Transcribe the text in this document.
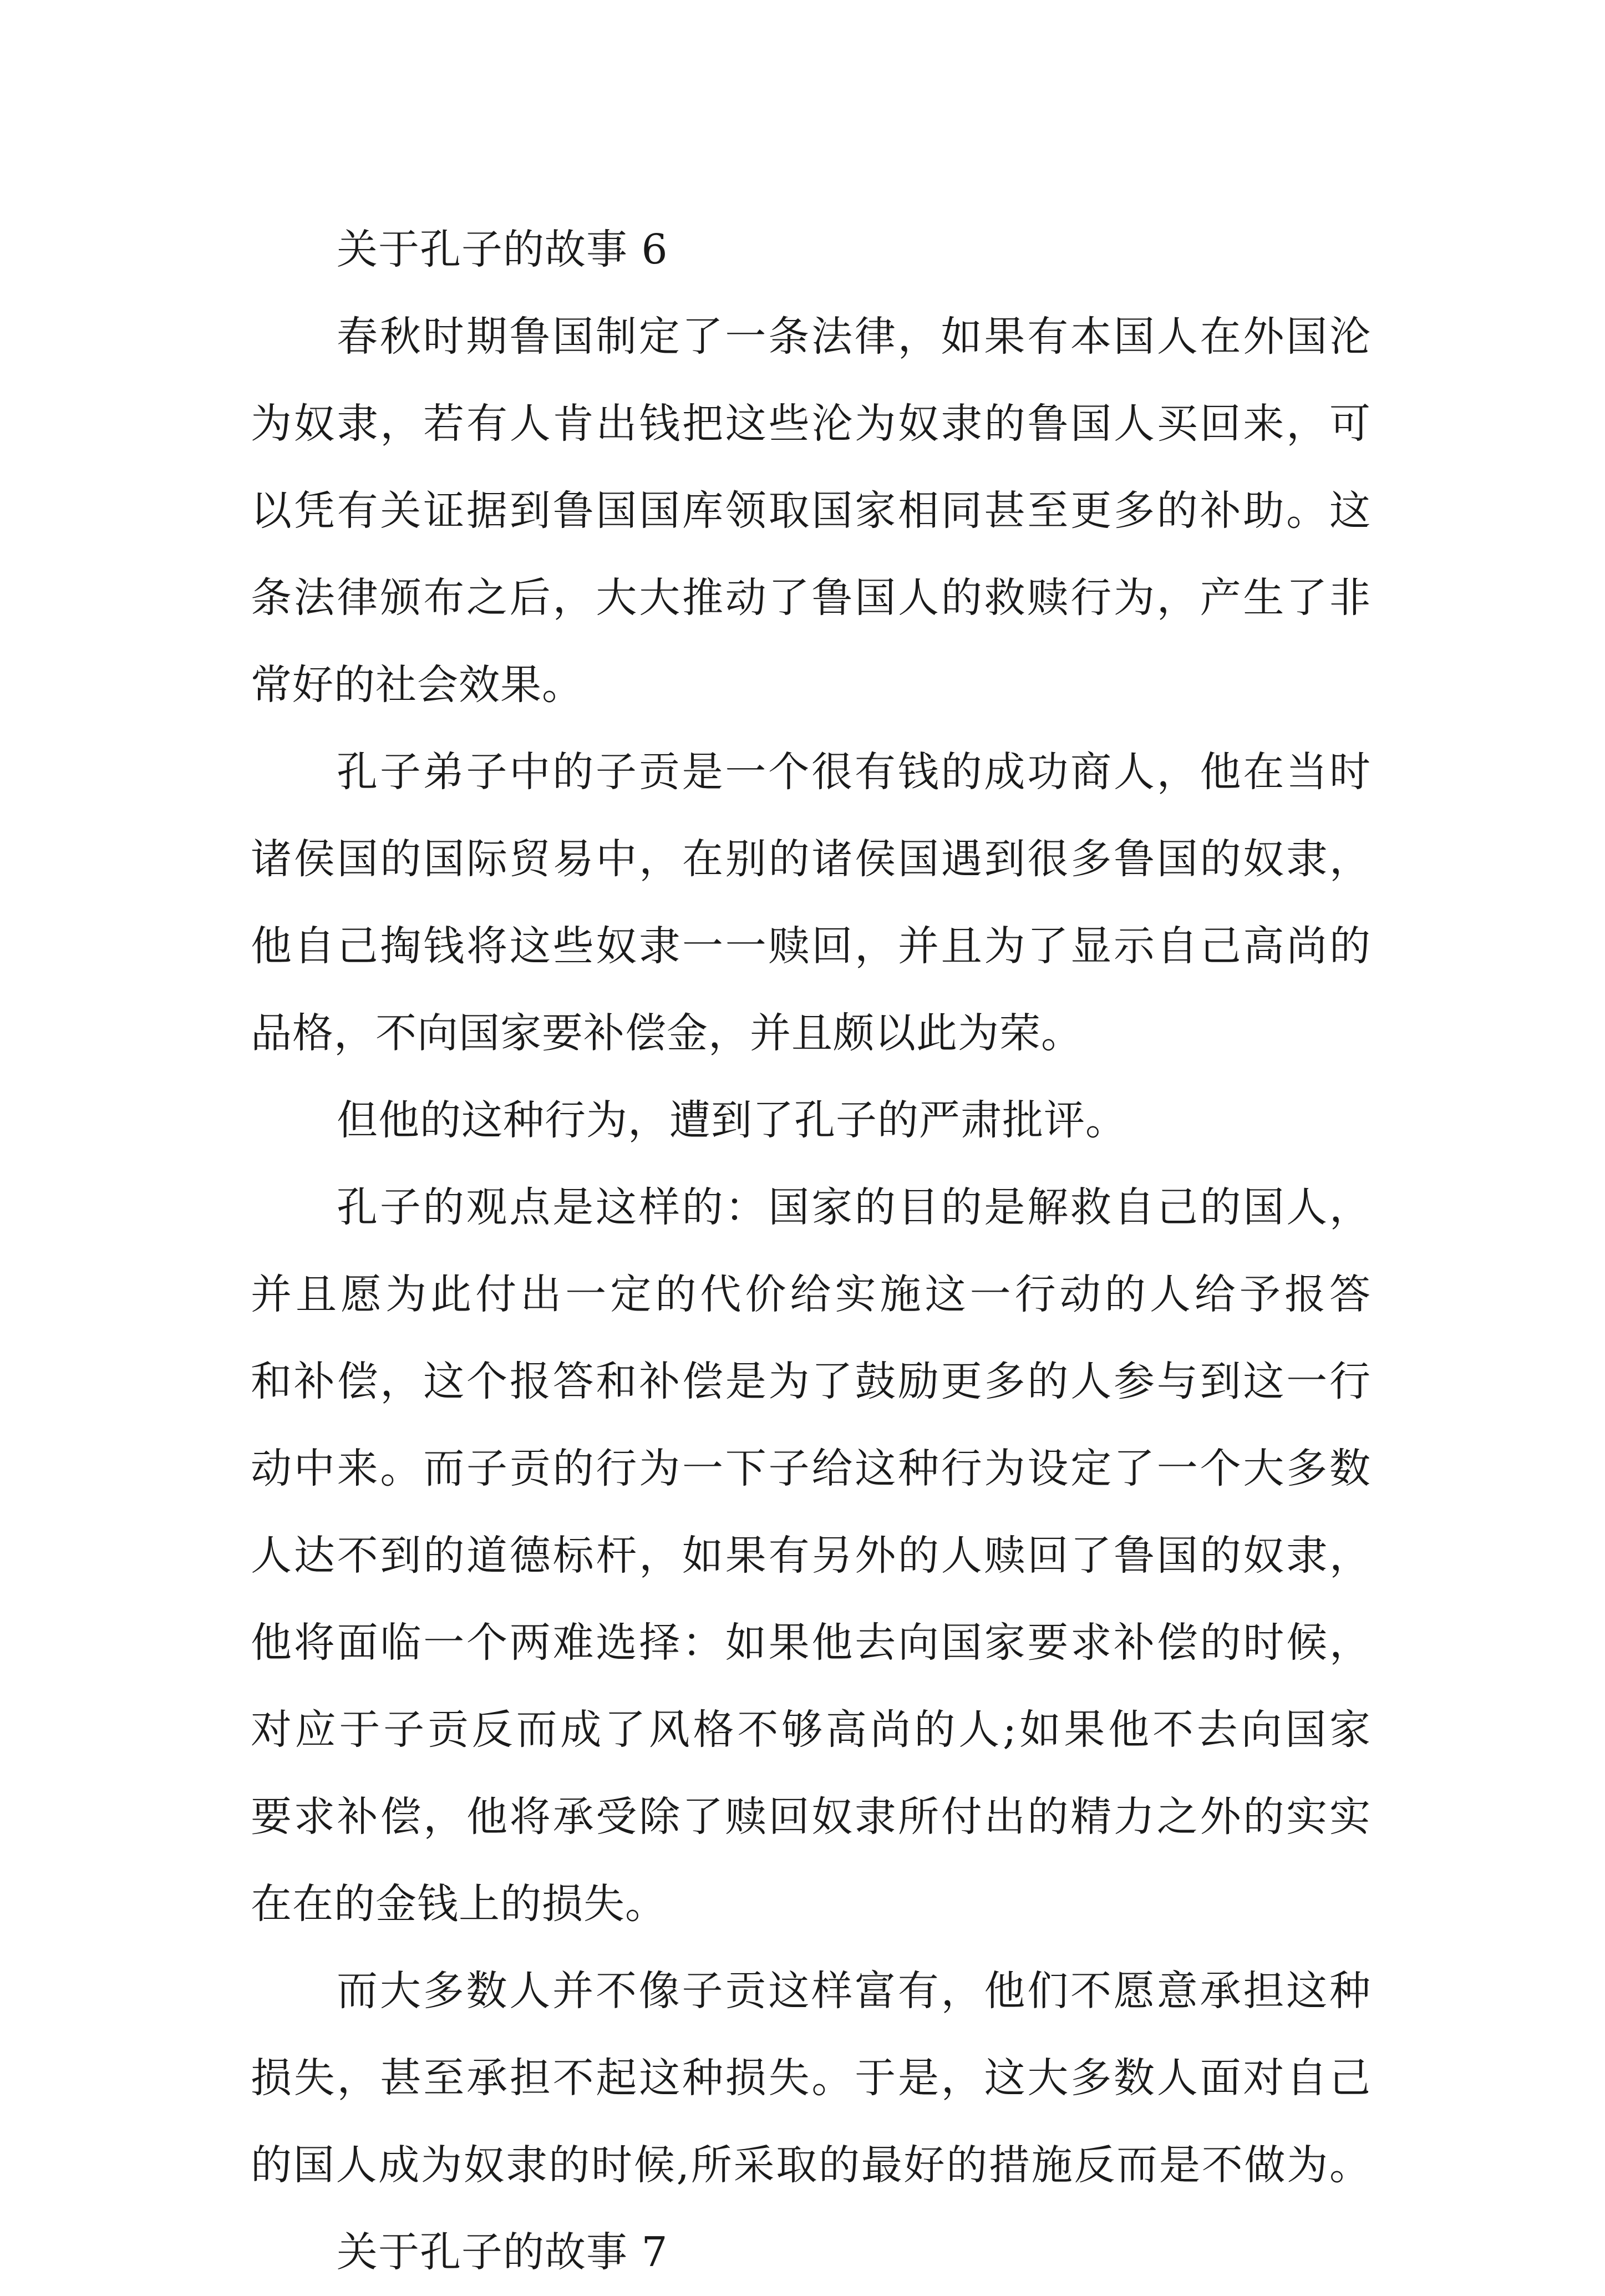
关于孔子的故事 6
春秋时期鲁国制定了一条法律，如果有本国人在外国沦
为奴隶，若有人肯出钱把这些沦为奴隶的鲁国人买回来，可
以凭有关证据到鲁国国库领取国家相同甚至更多的补助。这
条法律颁布之后，大大推动了鲁国人的救赎行为，产生了非
常好的社会效果。
孔子弟子中的子贡是一个很有钱的成功商人，他在当时
诸侯国的国际贸易中，在别的诸侯国遇到很多鲁国的奴隶，
他自己掏钱将这些奴隶一一赎回，并且为了显示自己高尚的
品格，不向国家要补偿金，并且颇以此为荣。
但他的这种行为，遭到了孔子的严肃批评。
孔子的观点是这样的：国家的目的是解救自己的国人，
并且愿为此付出一定的代价给实施这一行动的人给予报答
和补偿，这个报答和补偿是为了鼓励更多的人参与到这一行
动中来。而子贡的行为一下子给这种行为设定了一个大多数
人达不到的道德标杆，如果有另外的人赎回了鲁国的奴隶，
他将面临一个两难选择：如果他去向国家要求补偿的时候，
对应于子贡反而成了风格不够高尚的人;如果他不去向国家
要求补偿，他将承受除了赎回奴隶所付出的精力之外的实实
在在的金钱上的损失。
而大多数人并不像子贡这样富有，他们不愿意承担这种
损失，甚至承担不起这种损失。于是，这大多数人面对自己
的国人成为奴隶的时候,所采取的最好的措施反而是不做为。
关于孔子的故事 7
